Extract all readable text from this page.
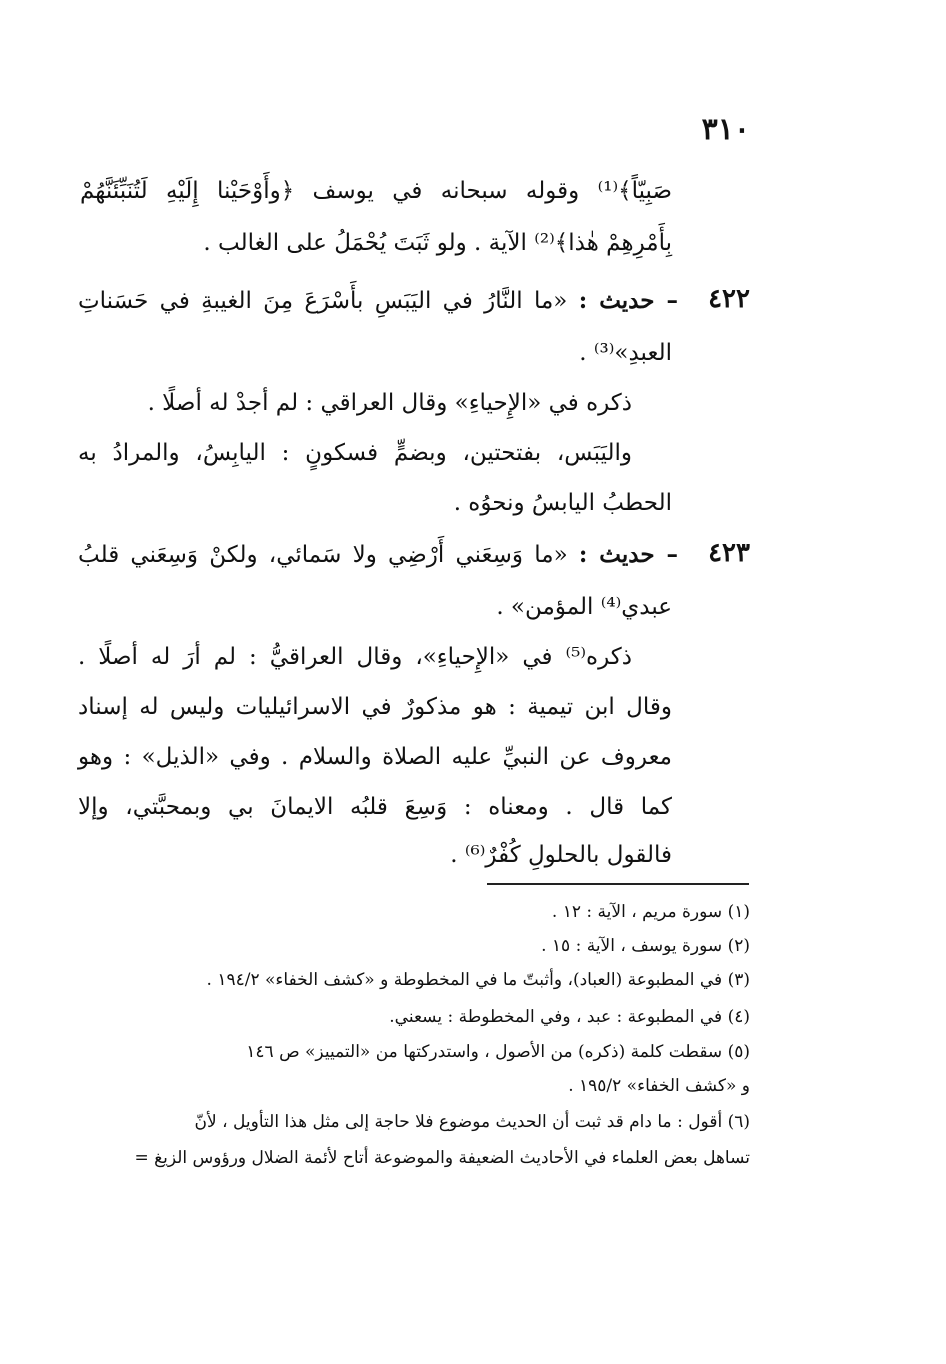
٣١٠
صَبِيّاً﴾⁽¹⁾ وقوله سبحانه في يوسف ﴿وأَوْحَيْنا إِلَيْهِ لَتُنَبِّئَنَّهُمْ
بِأَمْرِهِمْ هٰذا﴾⁽²⁾ الآية . ولو ثَبَتَ يُحْمَلُ على الغالب .
٤٢٢
– حديث : «ما النَّارُ في اليَبَسِ بأَسْرَعَ مِنَ الغيبةِ في حَسَناتِ
العبدِ»⁽³⁾ .
ذكره في «الإِحياءِ» وقال العراقي : لم أجدْ له أصلًا .
واليَبَس، بفتحتين، وبضمٍّ فسكونٍ : اليابِسُ، والمرادُ به
الحطبُ اليابسُ ونحوُه .
٤٢٣
– حديث : «ما وَسِعَني أَرْضِي ولا سَمائي، ولكنْ وَسِعَني قلبُ
عبدي⁽⁴⁾ المؤمن» .
ذكره⁽⁵⁾ في «الإِحياءِ»، وقال العراقيُّ : لم أرَ له أصلًا .
وقال ابن تيمية : هو مذكورٌ في الاسرائيليات وليس له إسناد
معروف عن النبيِّ عليه الصلاة والسلام . وفي «الذيل» : وهو
كما قال . ومعناه : وَسِعَ قلبُه الايمانَ بي وبمحبَّتي، وإلا
فالقول بالحلولِ كُفْرٌ⁽⁶⁾ .
(١) سورة مريم ، الآية : ١٢ .
(٢) سورة يوسف ، الآية : ١٥ .
(٣) في المطبوعة (العباد)، وأثبتّ ما في المخطوطة و «كشف الخفاء» ١٩٤/٢ .
(٤) في المطبوعة : عبد ، وفي المخطوطة : يسعني.
(٥) سقطت كلمة (ذكره) من الأصول ، واستدركتها من «التمييز» ص ١٤٦
و «كشف الخفاء» ١٩٥/٢ .
(٦) أقول : ما دام قد ثبت أن الحديث موضوع فلا حاجة إلى مثل هذا التأويل ، لأنّ
تساهل بعض العلماء في الأحاديث الضعيفة والموضوعة أتاح لأئمة الضلال ورؤوس الزيغ =
